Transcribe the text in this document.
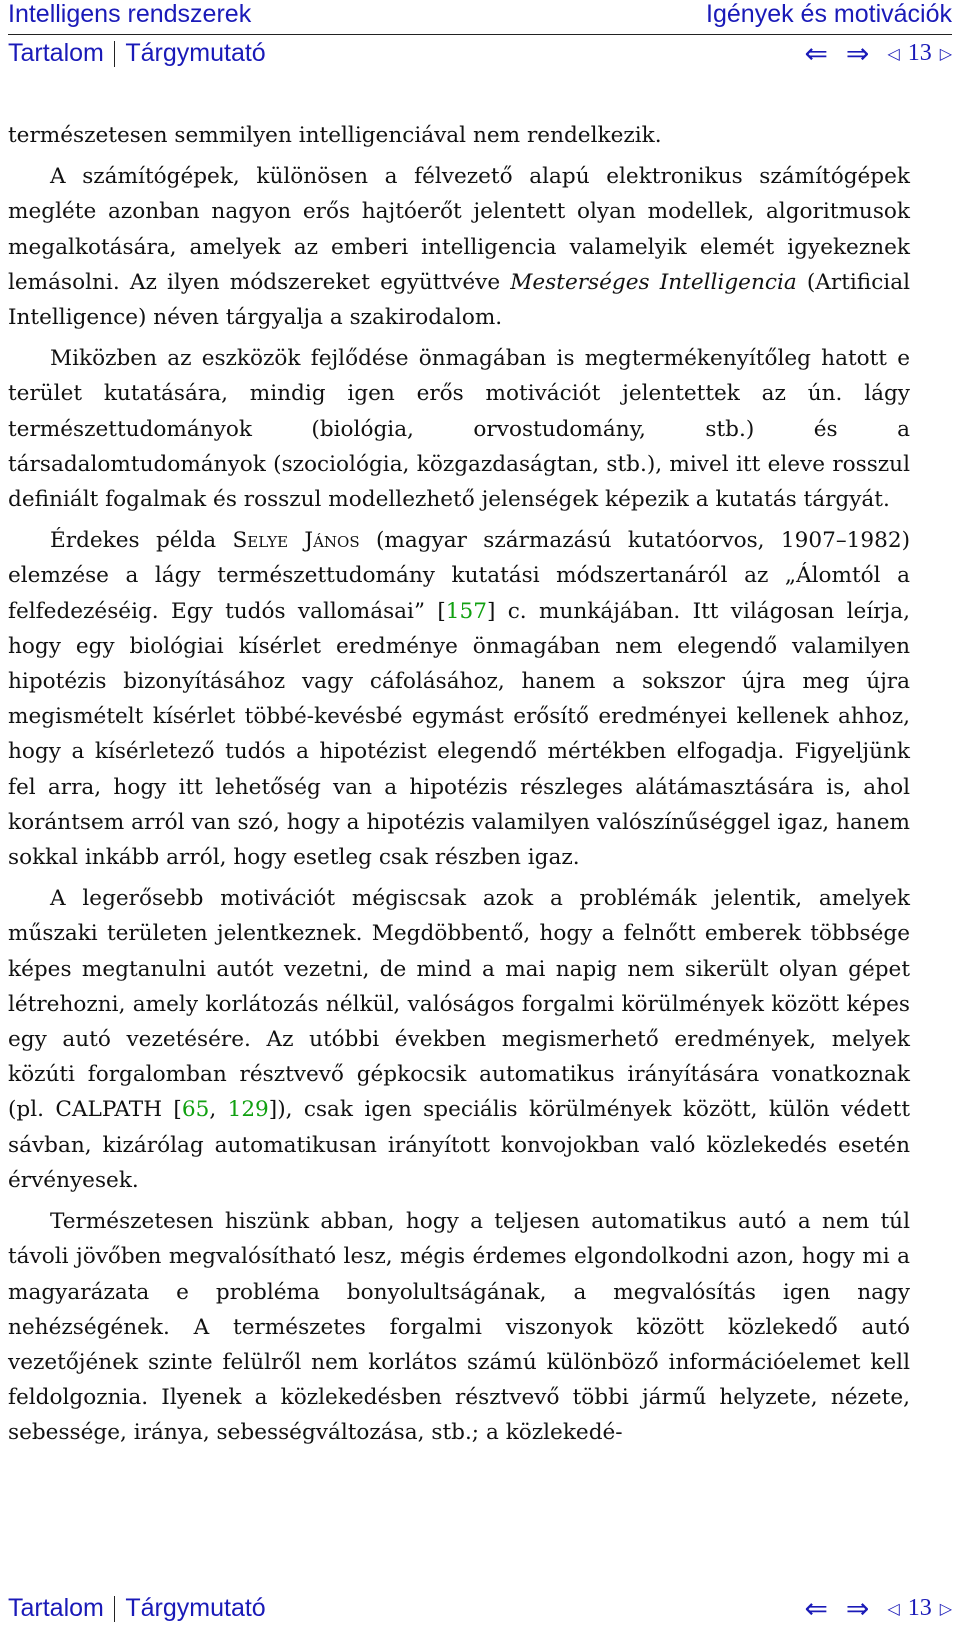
Intelligens rendszerek	Igények és motivációk
Tartalom Tárgymutató	⇐ ⇒ ◁ 13 ▷

természetesen semmilyen intelligenciával nem rendelkezik.

A számítógépek, különösen a félvezető alapú elektronikus számítógépek megléte azonban nagyon erős hajtóerőt jelentett olyan modellek, algoritmusok megalkotására, amelyek az emberi intelligencia valamelyik elemét igyekeznek lemásolni. Az ilyen módszereket együttvéve Mesterséges Intelligencia (Artificial Intelligence) néven tárgyalja a szakirodalom.

Miközben az eszközök fejlődése önmagában is megtermékenyítőleg hatott e terület kutatására, mindig igen erős motivációt jelentettek az ún. lágy természettudományok (biológia, orvostudomány, stb.) és a társadalomtudományok (szociológia, közgazdaságtan, stb.), mivel itt eleve rosszul definiált fogalmak és rosszul modellezhető jelenségek képezik a kutatás tárgyát.

Érdekes példa Selye János (magyar származású kutatóorvos, 1907–1982) elemzése a lágy természettudomány kutatási módszertanáról az „Álomtól a felfedezéséig. Egy tudós vallomásai” [157] c. munkájában. Itt világosan leírja, hogy egy biológiai kísérlet eredménye önmagában nem elegendő valamilyen hipotézis bizonyításához vagy cáfolásához, hanem a sokszor újra meg újra megismételt kísérlet többé-kevésbé egymást erősítő eredményei kellenek ahhoz, hogy a kísérletező tudós a hipotézist elegendő mértékben elfogadja. Figyeljünk fel arra, hogy itt lehetőség van a hipotézis részleges alátámasztására is, ahol korántsem arról van szó, hogy a hipotézis valamilyen valószínűséggel igaz, hanem sokkal inkább arról, hogy esetleg csak részben igaz.

A legerősebb motivációt mégiscsak azok a problémák jelentik, amelyek műszaki területen jelentkeznek. Megdöbbentő, hogy a felnőtt emberek többsége képes megtanulni autót vezetni, de mind a mai napig nem sikerült olyan gépet létrehozni, amely korlátozás nélkül, valóságos forgalmi körülmények között képes egy autó vezetésére. Az utóbbi években megismerhető eredmények, melyek közúti forgalomban résztvevő gépkocsik automatikus irányítására vonatkoznak (pl. CALPATH [65, 129]), csak igen speciális körülmények között, külön védett sávban, kizárólag automatikusan irányított konvojokban való közlekedés esetén érvényesek.

Természetesen hiszünk abban, hogy a teljesen automatikus autó a nem túl távoli jövőben megvalósítható lesz, mégis érdemes elgondolkodni azon, hogy mi a magyarázata e probléma bonyolultságának, a megvalósítás igen nagy nehézségének. A természetes forgalmi viszonyok között közlekedő autó vezetőjének szinte felülről nem korlátos számú különböző információelemet kell feldolgoznia. Ilyenek a közlekedésben résztvevő többi jármű helyzete, nézete, sebessége, iránya, sebességváltozása, stb.; a közlekedé-

Tartalom Tárgymutató	⇐ ⇒ ◁ 13 ▷
